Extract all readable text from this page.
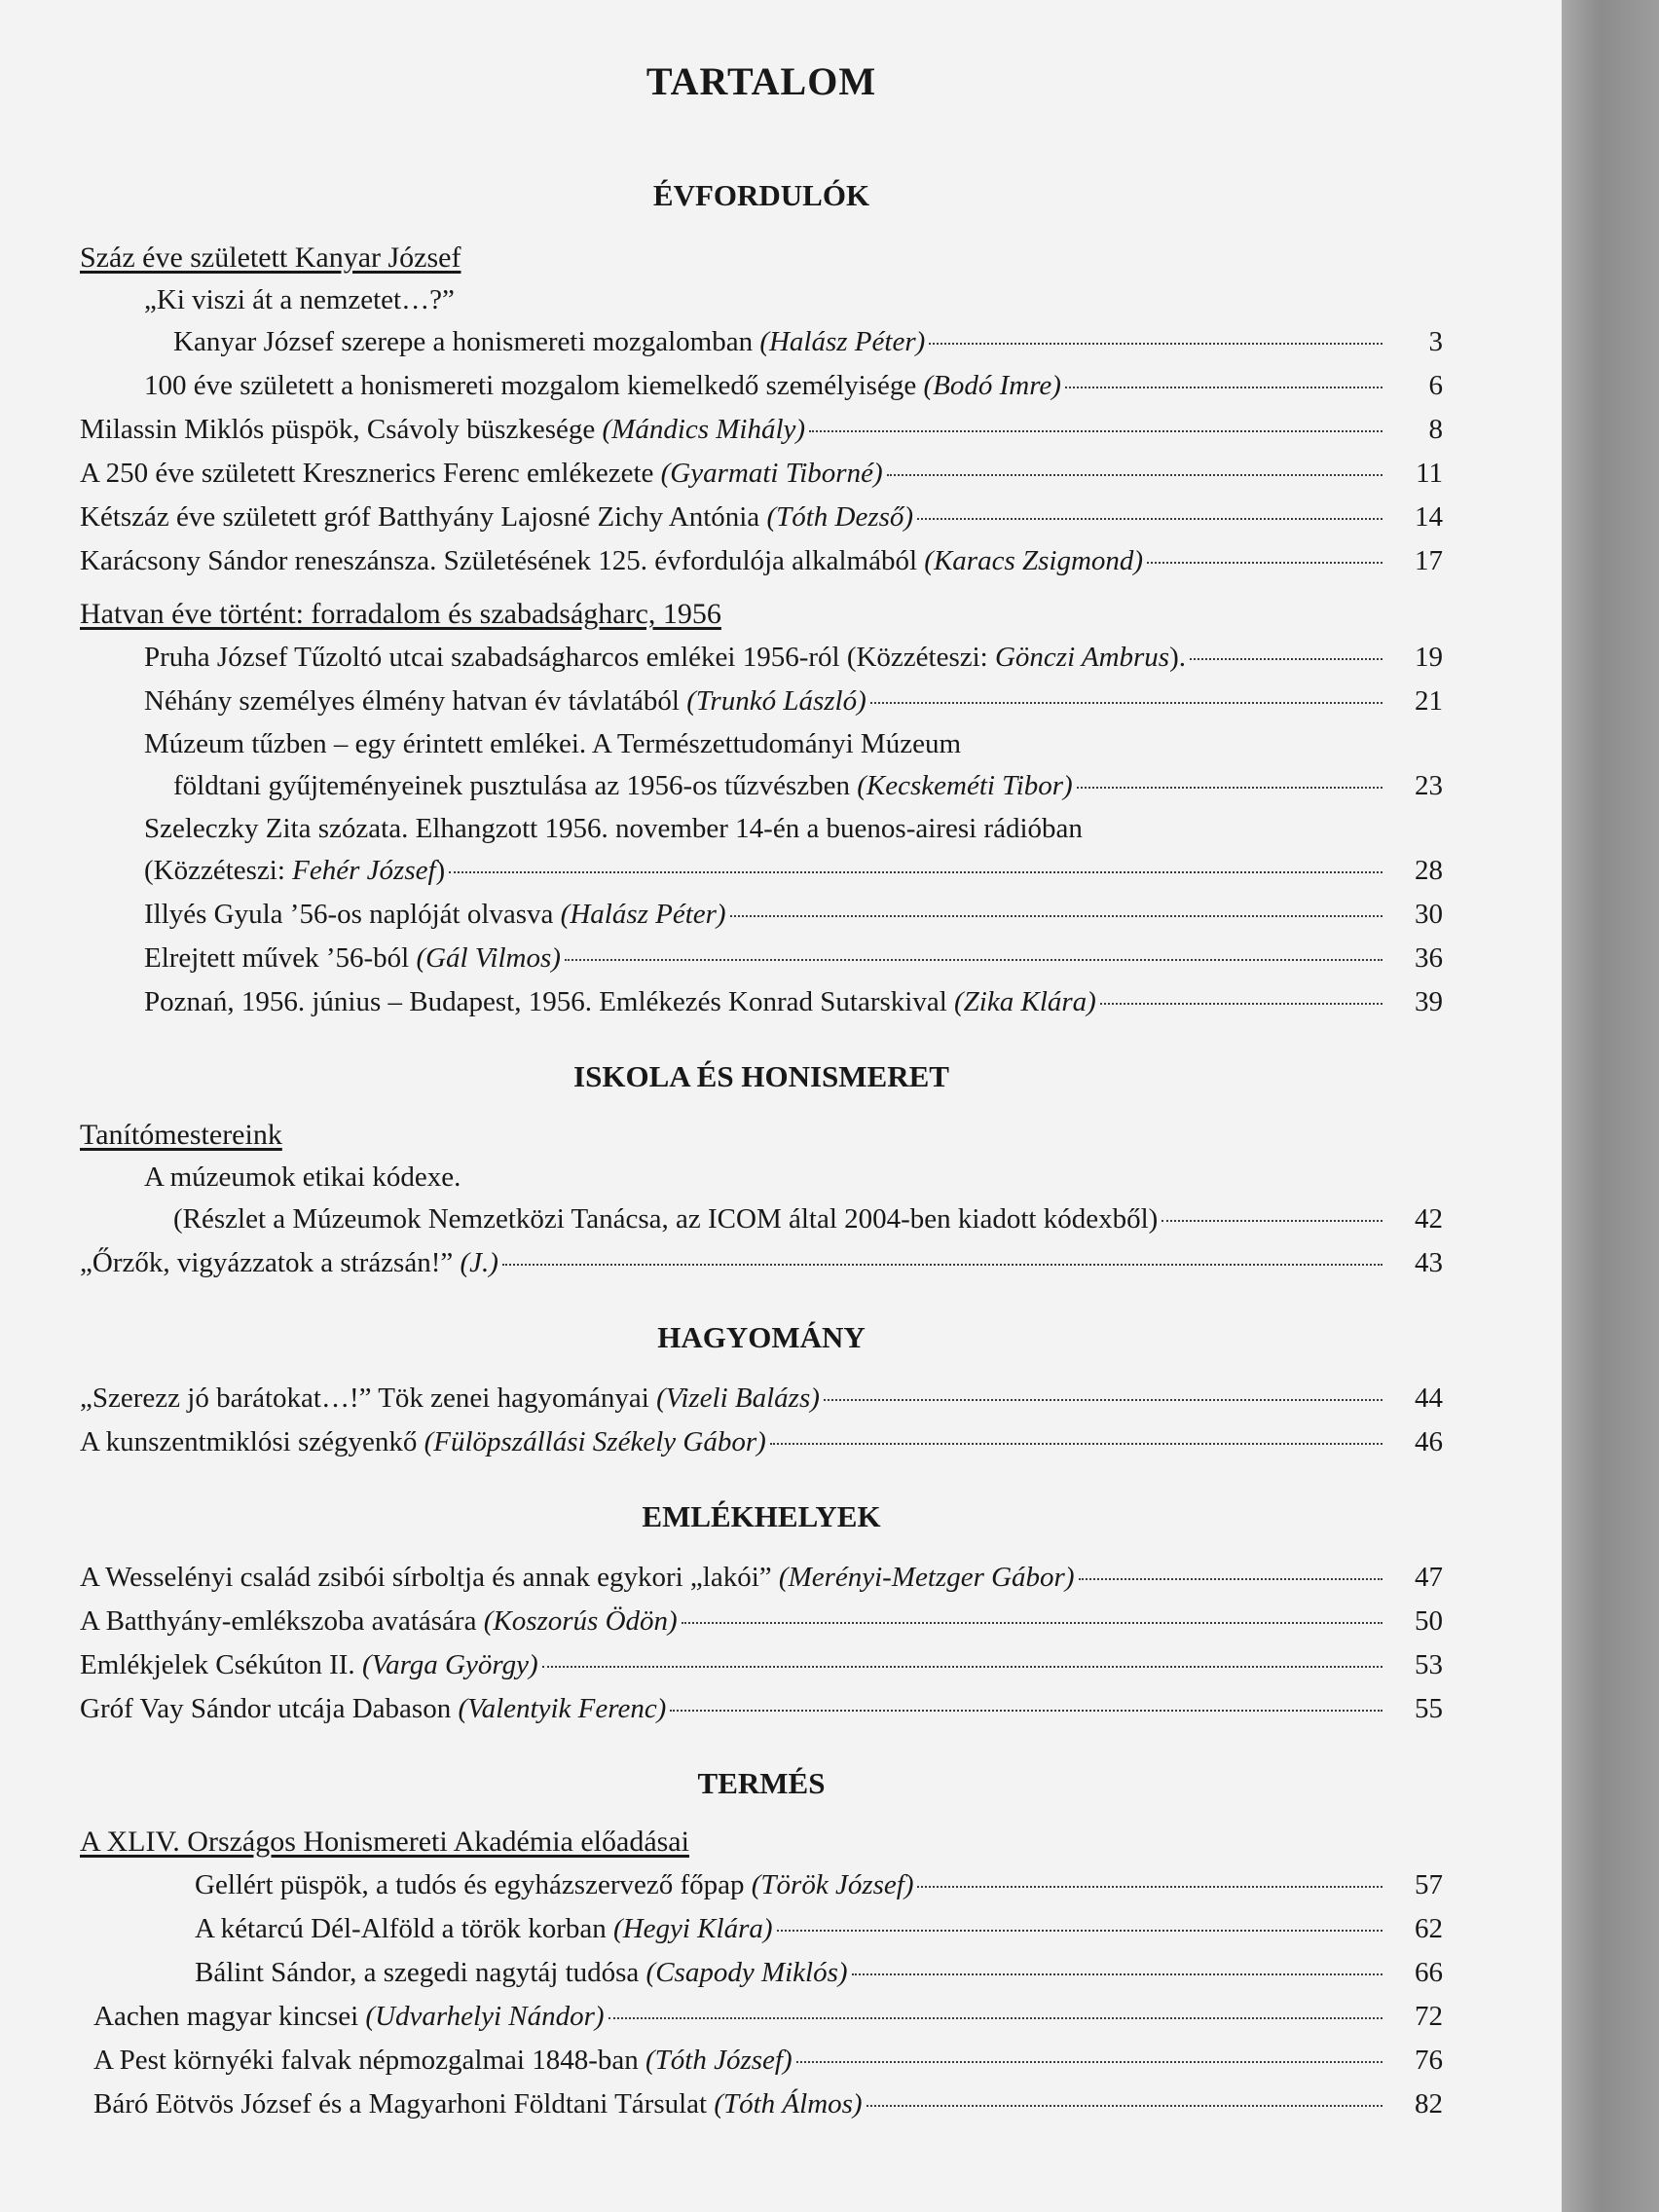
TARTALOM
ÉVFORDULÓK
Száz éve született Kanyar József
„Ki viszi át a nemzetet…?”
Kanyar József szerepe a honismereti mozgalomban (Halász Péter)	3
100 éve született a honismereti mozgalom kiemelkedő személyisége (Bodó Imre)	6
Milassin Miklós püspök, Csávoly büszkesége (Mándics Mihály)	8
A 250 éve született Kresznerics Ferenc emlékezete (Gyarmati Tiborné)	11
Kétszáz éve született gróf Batthyány Lajosné Zichy Antónia (Tóth Dezső)	14
Karácsony Sándor reneszánsza. Születésének 125. évfordulója alkalmából (Karacs Zsigmond)	17
Hatvan éve történt: forradalom és szabadságharc, 1956
Pruha József Tűzoltó utcai szabadságharcos emlékei 1956-ról (Közzéteszi: Gönczi Ambrus).	19
Néhány személyes élmény hatvan év távlatából (Trunkó László)	21
Múzeum tűzben – egy érintett emlékei. A Természettudományi Múzeum
földtani gyűjteményeinek pusztulása az 1956-os tűzvészben (Kecskeméti Tibor)	23
Szeleczky Zita szózata. Elhangzott 1956. november 14-én a buenos-airesi rádióban
(Közzéteszi: Fehér József)	28
Illyés Gyula ’56-os naplóját olvasva (Halász Péter)	30
Elrejtett művek ’56-ból (Gál Vilmos)	36
Poznań, 1956. június – Budapest, 1956. Emlékezés Konrad Sutarskival (Zika Klára)	39
ISKOLA ÉS HONISMERET
Tanítómestereink
A múzeumok etikai kódexe.
(Részlet a Múzeumok Nemzetközi Tanácsa, az ICOM által 2004-ben kiadott kódexből)	42
„Őrzők, vigyázzatok a strázsán!” (J.)	43
HAGYOMÁNY
„Szerezz jó barátokat…!” Tök zenei hagyományai (Vizeli Balázs)	44
A kunszentmiklósi szégyenkő (Fülöpszállási Székely Gábor)	46
EMLÉKHELYEK
A Wesselényi család zsibói sírboltja és annak egykori „lakói” (Merényi-Metzger Gábor)	47
A Batthyány-emlékszoba avatására (Koszorús Ödön)	50
Emlékjelek Csékúton II. (Varga György)	53
Gróf Vay Sándor utcája Dabason (Valentyik Ferenc)	55
TERMÉS
A XLIV. Országos Honismereti Akadémia előadásai
Gellért püspök, a tudós és egyházszervező főpap (Török József)	57
A kétarcú Dél-Alföld a török korban (Hegyi Klára)	62
Bálint Sándor, a szegedi nagytáj tudósa (Csapody Miklós)	66
Aachen magyar kincsei (Udvarhelyi Nándor)	72
A Pest környéki falvak népmozgalmai 1848-ban (Tóth József)	76
Báró Eötvös József és a Magyarhoni Földtani Társulat (Tóth Álmos)	82
